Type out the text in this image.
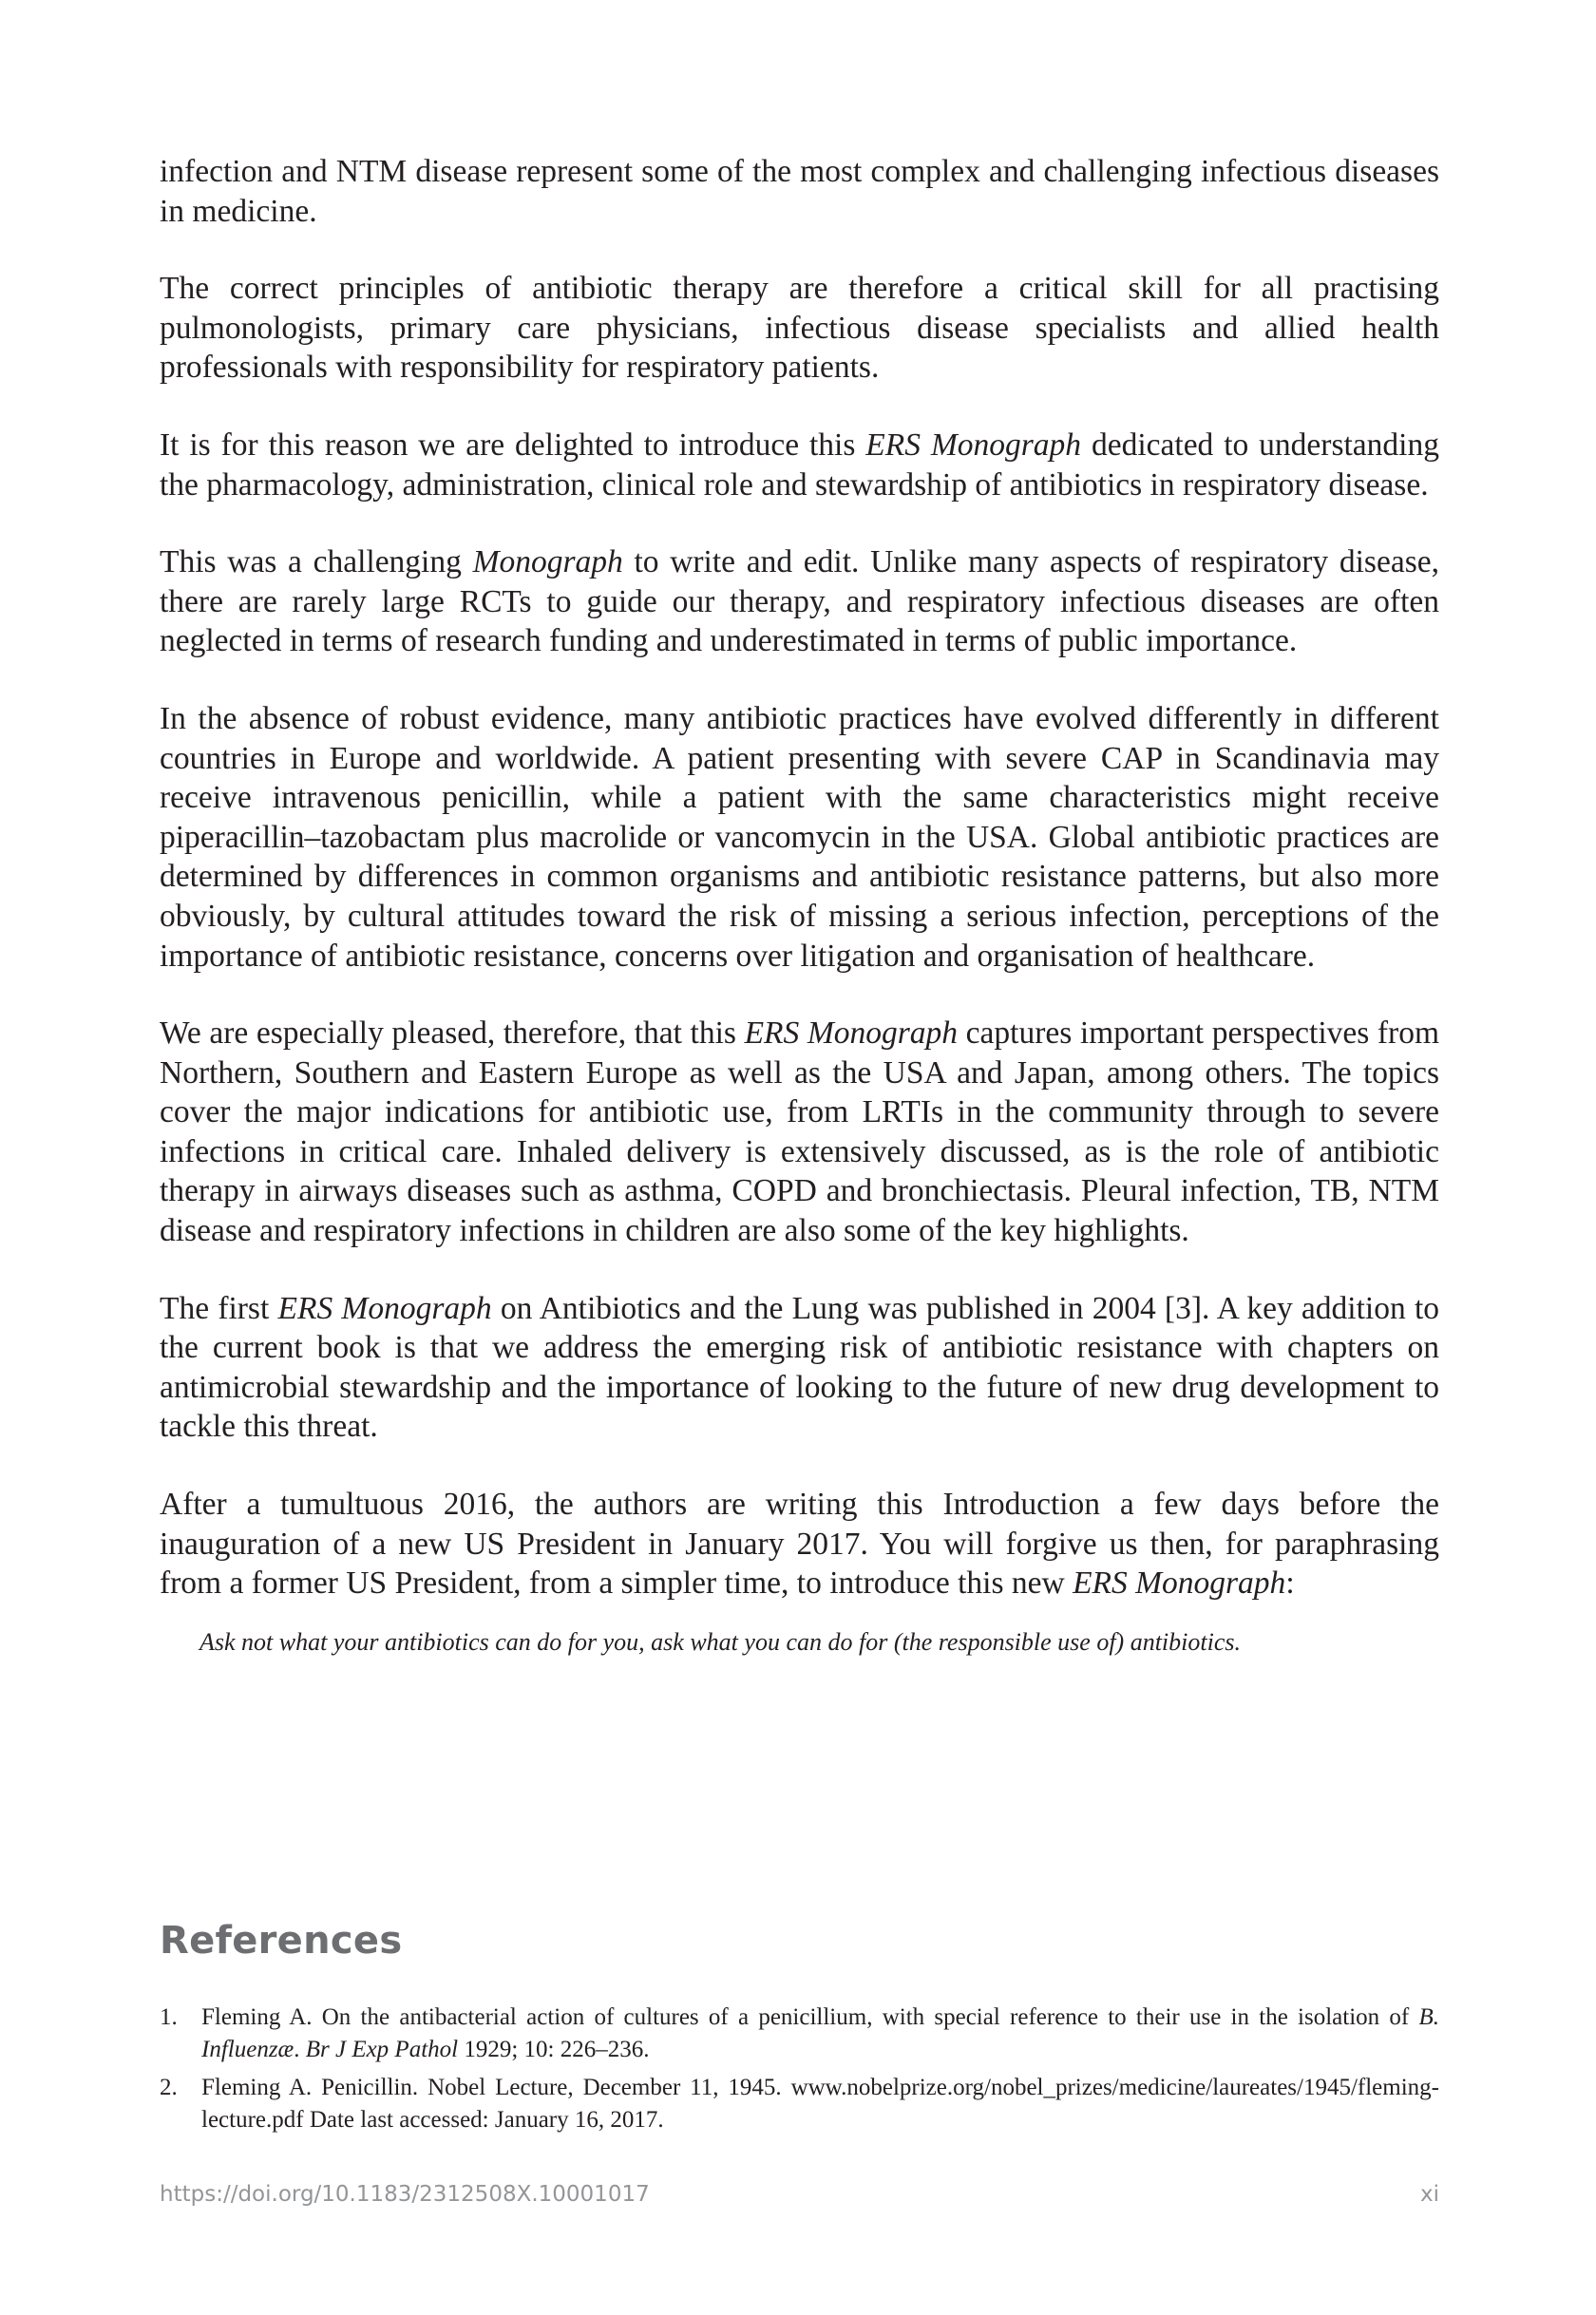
infection and NTM disease represent some of the most complex and challenging infectious diseases in medicine.

The correct principles of antibiotic therapy are therefore a critical skill for all practising pulmonologists, primary care physicians, infectious disease specialists and allied health professionals with responsibility for respiratory patients.

It is for this reason we are delighted to introduce this ERS Monograph dedicated to understanding the pharmacology, administration, clinical role and stewardship of antibiotics in respiratory disease.

This was a challenging Monograph to write and edit. Unlike many aspects of respiratory disease, there are rarely large RCTs to guide our therapy, and respiratory infectious diseases are often neglected in terms of research funding and underestimated in terms of public importance.

In the absence of robust evidence, many antibiotic practices have evolved differently in different countries in Europe and worldwide. A patient presenting with severe CAP in Scandinavia may receive intravenous penicillin, while a patient with the same characteristics might receive piperacillin–tazobactam plus macrolide or vancomycin in the USA. Global antibiotic practices are determined by differences in common organisms and antibiotic resistance patterns, but also more obviously, by cultural attitudes toward the risk of missing a serious infection, perceptions of the importance of antibiotic resistance, concerns over litigation and organisation of healthcare.

We are especially pleased, therefore, that this ERS Monograph captures important perspectives from Northern, Southern and Eastern Europe as well as the USA and Japan, among others. The topics cover the major indications for antibiotic use, from LRTIs in the community through to severe infections in critical care. Inhaled delivery is extensively discussed, as is the role of antibiotic therapy in airways diseases such as asthma, COPD and bronchiectasis. Pleural infection, TB, NTM disease and respiratory infections in children are also some of the key highlights.

The first ERS Monograph on Antibiotics and the Lung was published in 2004 [3]. A key addition to the current book is that we address the emerging risk of antibiotic resistance with chapters on antimicrobial stewardship and the importance of looking to the future of new drug development to tackle this threat.

After a tumultuous 2016, the authors are writing this Introduction a few days before the inauguration of a new US President in January 2017. You will forgive us then, for paraphrasing from a former US President, from a simpler time, to introduce this new ERS Monograph:

Ask not what your antibiotics can do for you, ask what you can do for (the responsible use of) antibiotics.

References
1. Fleming A. On the antibacterial action of cultures of a penicillium, with special reference to their use in the isolation of B. Influenzæ. Br J Exp Pathol 1929; 10: 226–236.
2. Fleming A. Penicillin. Nobel Lecture, December 11, 1945. www.nobelprize.org/nobel_prizes/medicine/laureates/1945/fleming-lecture.pdf Date last accessed: January 16, 2017.
https://doi.org/10.1183/2312508X.10001017	xi
